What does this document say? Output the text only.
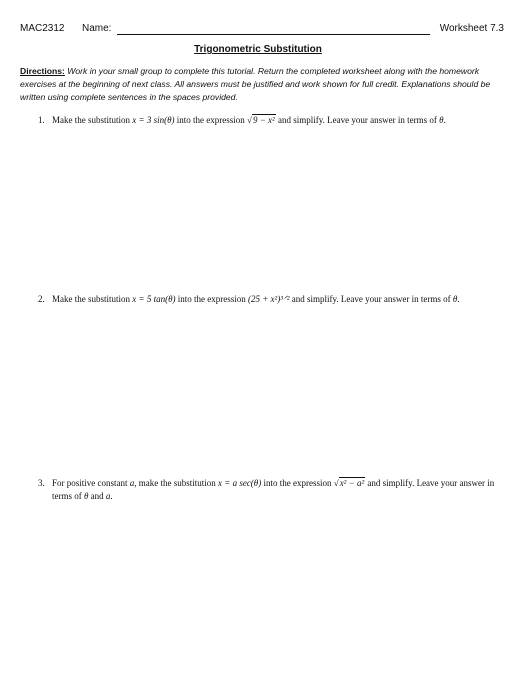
MAC2312 Name:	Worksheet 7.3
Trigonometric Substitution
Directions: Work in your small group to complete this tutorial. Return the completed worksheet along with the homework exercises at the beginning of next class. All answers must be justified and work shown for full credit. Explanations should be written using complete sentences in the spaces provided.
1. Make the substitution x = 3 sin(θ) into the expression √9 − x² and simplify. Leave your answer in terms of θ.
2. Make the substitution x = 5 tan(θ) into the expression (25 + x²)³ᐟ² and simplify. Leave your answer in terms of θ.
3. For positive constant a, make the substitution x = a sec(θ) into the expression √x² − a² and simplify. Leave your answer in terms of θ and a.
